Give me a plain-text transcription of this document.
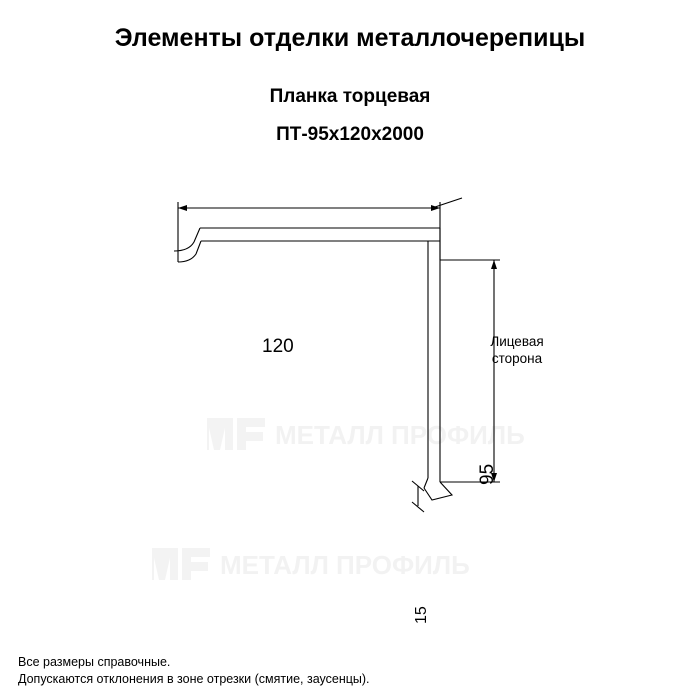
Элементы отделки металлочерепицы
Планка торцевая
ПТ-95x120x2000
МЕТАЛЛ ПРОФИЛЬ
МЕТАЛЛ ПРОФИЛЬ
120
95
15
Лицевая
сторона
Все размеры справочные.
Допускаются отклонения в зоне отрезки (смятие, заусенцы).
